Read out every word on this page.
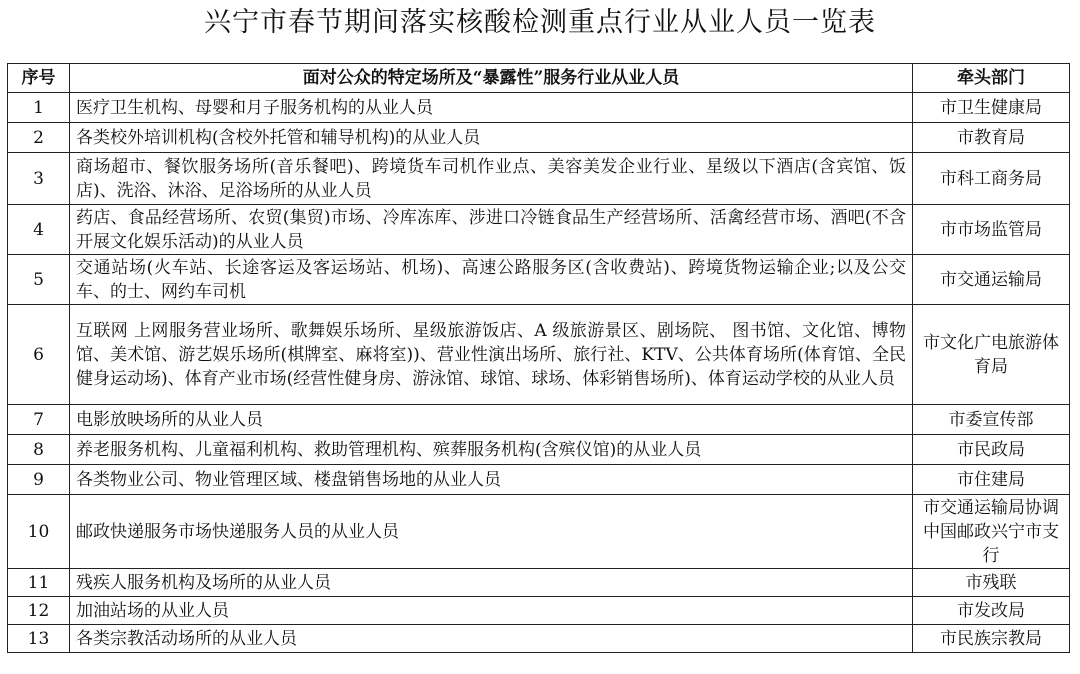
兴宁市春节期间落实核酸检测重点行业从业人员一览表
序号	面对公众的特定场所及“暴露性”服务行业从业人员	牵头部门
1	医疗卫生机构、母婴和月子服务机构的从业人员	市卫生健康局
2	各类校外培训机构(含校外托管和辅导机构)的从业人员	市教育局
3	商场超市、餐饮服务场所(音乐餐吧)、跨境货车司机作业点、美容美发企业行业、星级以下酒店(含宾馆、饭店)、洗浴、沐浴、足浴场所的从业人员	市科工商务局
4	药店、食品经营场所、农贸(集贸)市场、冷库冻库、涉进口冷链食品生产经营场所、活禽经营市场、酒吧(不含开展文化娱乐活动)的从业人员	市市场监管局
5	交通站场(火车站、长途客运及客运场站、机场)、高速公路服务区(含收费站)、跨境货物运输企业;以及公交车、的士、网约车司机	市交通运输局
6	互联网 上网服务营业场所、歌舞娱乐场所、星级旅游饭店、A 级旅游景区、剧场院、 图书馆、文化馆、博物馆、美术馆、游艺娱乐场所(棋牌室、麻将室))、营业性演出场所、旅行社、KTV、公共体育场所(体育馆、全民健身运动场)、体育产业市场(经营性健身房、游泳馆、球馆、球场、体彩销售场所)、体育运动学校的从业人员	市文化广电旅游体育局
7	电影放映场所的从业人员	市委宣传部
8	养老服务机构、儿童福利机构、救助管理机构、殡葬服务机构(含殡仪馆)的从业人员	市民政局
9	各类物业公司、物业管理区域、楼盘销售场地的从业人员	市住建局
10	邮政快递服务市场快递服务人员的从业人员	市交通运输局协调中国邮政兴宁市支行
11	残疾人服务机构及场所的从业人员	市残联
12	加油站场的从业人员	市发改局
13	各类宗教活动场所的从业人员	市民族宗教局
